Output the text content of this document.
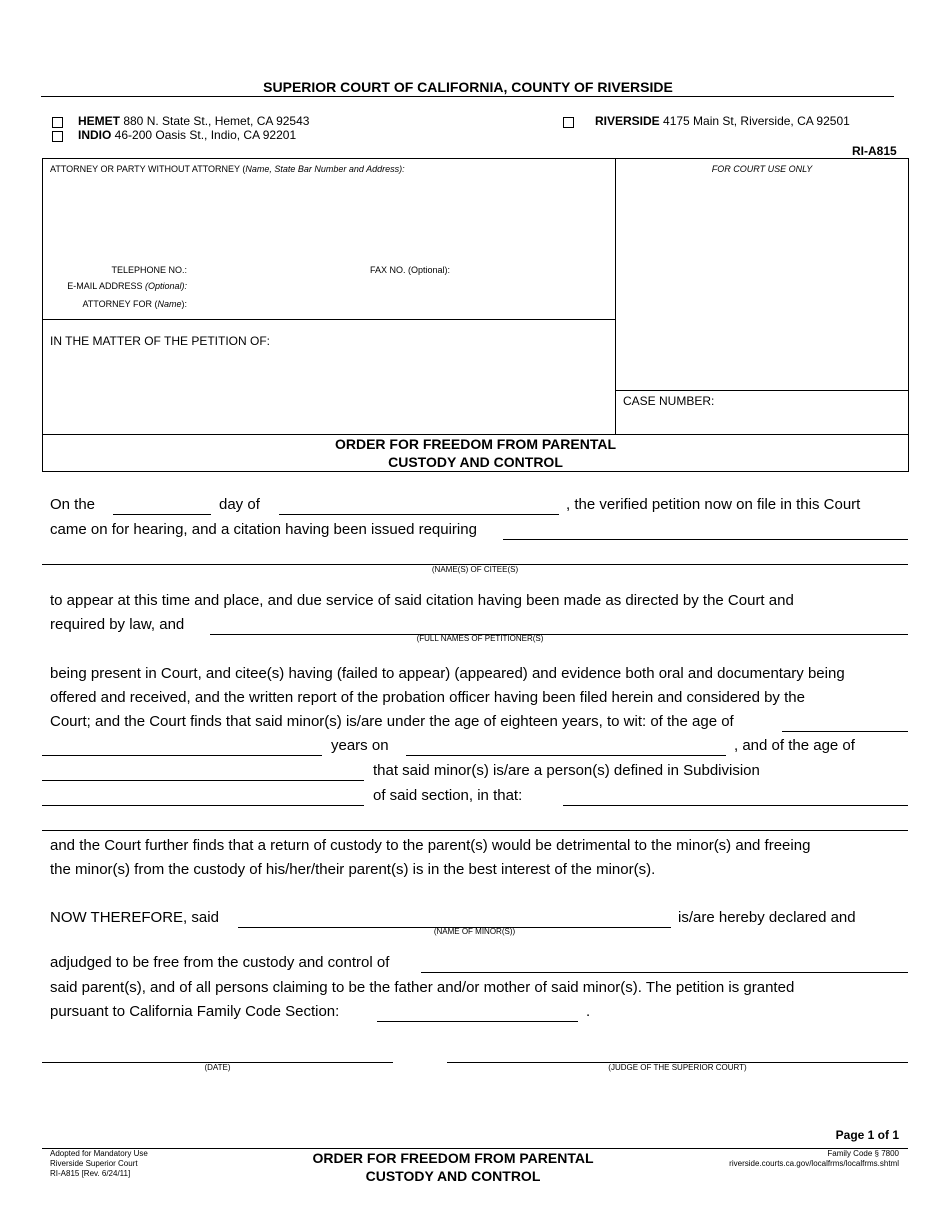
SUPERIOR COURT OF CALIFORNIA, COUNTY OF RIVERSIDE
HEMET 880 N. State St., Hemet, CA 92543
INDIO 46-200 Oasis St., Indio, CA 92201
RIVERSIDE 4175 Main St, Riverside, CA 92501
RI-A815
ATTORNEY OR PARTY WITHOUT ATTORNEY (Name, State Bar Number and Address):	FOR COURT USE ONLY
TELEPHONE NO.:	FAX NO. (Optional):
E-MAIL ADDRESS (Optional):
ATTORNEY FOR (Name):
IN THE MATTER OF THE PETITION OF:
CASE NUMBER:
ORDER FOR FREEDOM FROM PARENTAL
CUSTODY AND CONTROL
On the	day of	, the verified petition now on file in this Court
came on for hearing, and a citation having been issued requiring
(NAME(S) OF CITEE(S)
to appear at this time and place, and due service of said citation having been made as directed by the Court and
required by law, and
(FULL NAMES OF PETITIONER(S)
being present in Court, and citee(s) having (failed to appear) (appeared) and evidence both oral and documentary being
offered and received, and the written report of the probation officer having been filed herein and considered by the
Court; and the Court finds that said minor(s) is/are under the age of eighteen years, to wit: of the age of
years on	, and of the age of
that said minor(s) is/are a person(s) defined in Subdivision
of said section, in that:
and the Court further finds that a return of custody to the parent(s) would be detrimental to the minor(s) and freeing
the minor(s) from the custody of his/her/their parent(s) is in the best interest of the minor(s).
NOW THEREFORE, said	is/are hereby declared and
(NAME OF MINOR(S))
adjudged to be free from the custody and control of
said parent(s), and of all persons claiming to be the father and/or mother of said minor(s). The petition is granted
pursuant to California Family Code Section:	.
(DATE)	(JUDGE OF THE SUPERIOR COURT)
Page 1 of 1
Adopted for Mandatory Use
Riverside Superior Court
RI-A815 [Rev. 6/24/11]
ORDER FOR FREEDOM FROM PARENTAL
CUSTODY AND CONTROL
Family Code § 7800
riverside.courts.ca.gov/localfrms/localfrms.shtml
